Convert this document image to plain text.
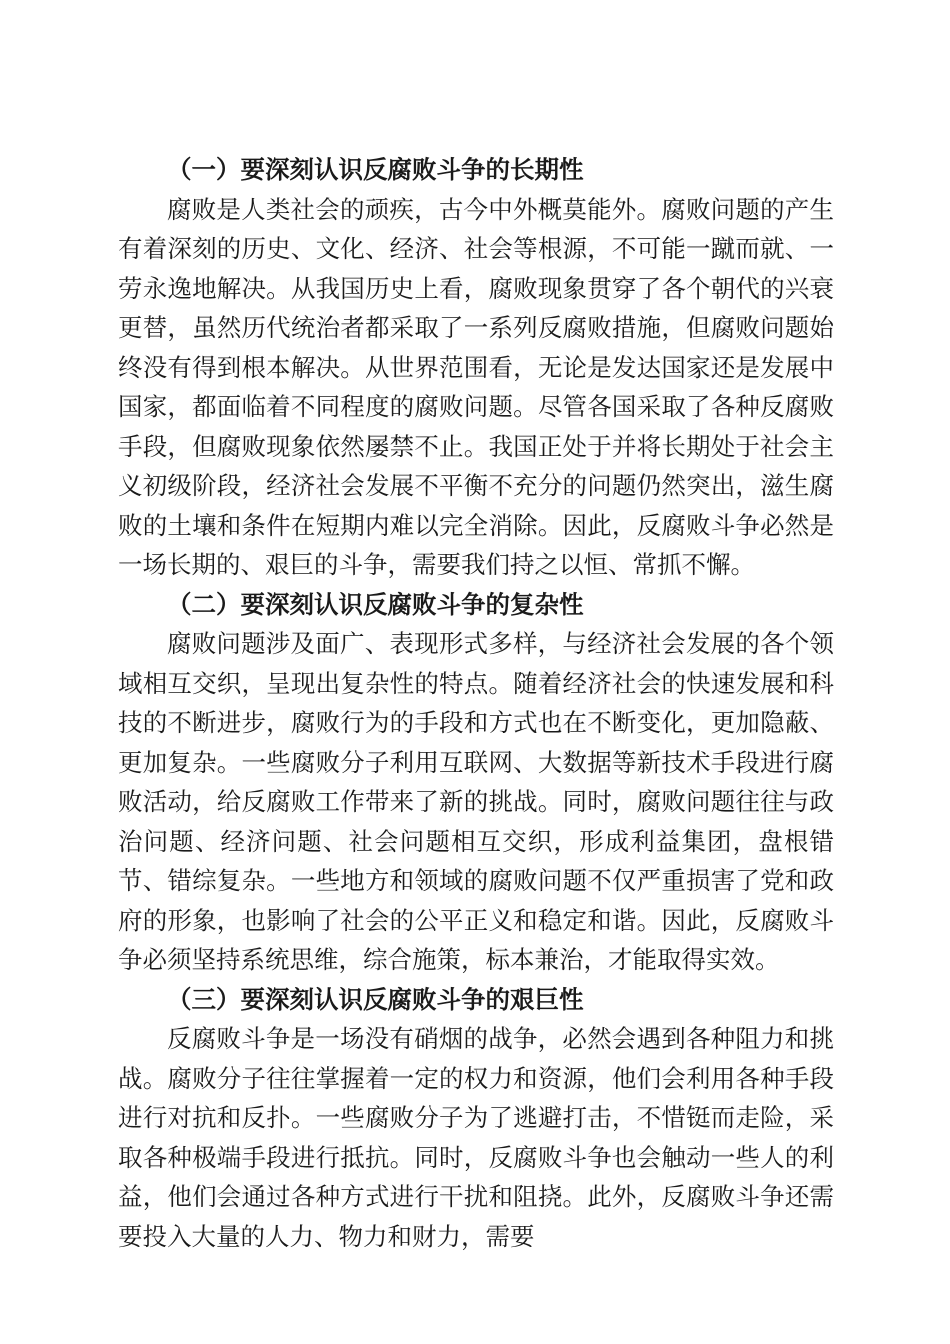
（一）要深刻认识反腐败斗争的长期性

腐败是人类社会的顽疾，古今中外概莫能外。腐败问题的产生有着深刻的历史、文化、经济、社会等根源，不可能一蹴而就、一劳永逸地解决。从我国历史上看，腐败现象贯穿了各个朝代的兴衰更替，虽然历代统治者都采取了一系列反腐败措施，但腐败问题始终没有得到根本解决。从世界范围看，无论是发达国家还是发展中国家，都面临着不同程度的腐败问题。尽管各国采取了各种反腐败手段，但腐败现象依然屡禁不止。我国正处于并将长期处于社会主义初级阶段，经济社会发展不平衡不充分的问题仍然突出，滋生腐败的土壤和条件在短期内难以完全消除。因此，反腐败斗争必然是一场长期的、艰巨的斗争，需要我们持之以恒、常抓不懈。

（二）要深刻认识反腐败斗争的复杂性

腐败问题涉及面广、表现形式多样，与经济社会发展的各个领域相互交织，呈现出复杂性的特点。随着经济社会的快速发展和科技的不断进步，腐败行为的手段和方式也在不断变化，更加隐蔽、更加复杂。一些腐败分子利用互联网、大数据等新技术手段进行腐败活动，给反腐败工作带来了新的挑战。同时，腐败问题往往与政治问题、经济问题、社会问题相互交织，形成利益集团，盘根错节、错综复杂。一些地方和领域的腐败问题不仅严重损害了党和政府的形象，也影响了社会的公平正义和稳定和谐。因此，反腐败斗争必须坚持系统思维，综合施策，标本兼治，才能取得实效。

（三）要深刻认识反腐败斗争的艰巨性

反腐败斗争是一场没有硝烟的战争，必然会遇到各种阻力和挑战。腐败分子往往掌握着一定的权力和资源，他们会利用各种手段进行对抗和反扑。一些腐败分子为了逃避打击，不惜铤而走险，采取各种极端手段进行抵抗。同时，反腐败斗争也会触动一些人的利益，他们会通过各种方式进行干扰和阻挠。此外，反腐败斗争还需要投入大量的人力、物力和财力，需要
